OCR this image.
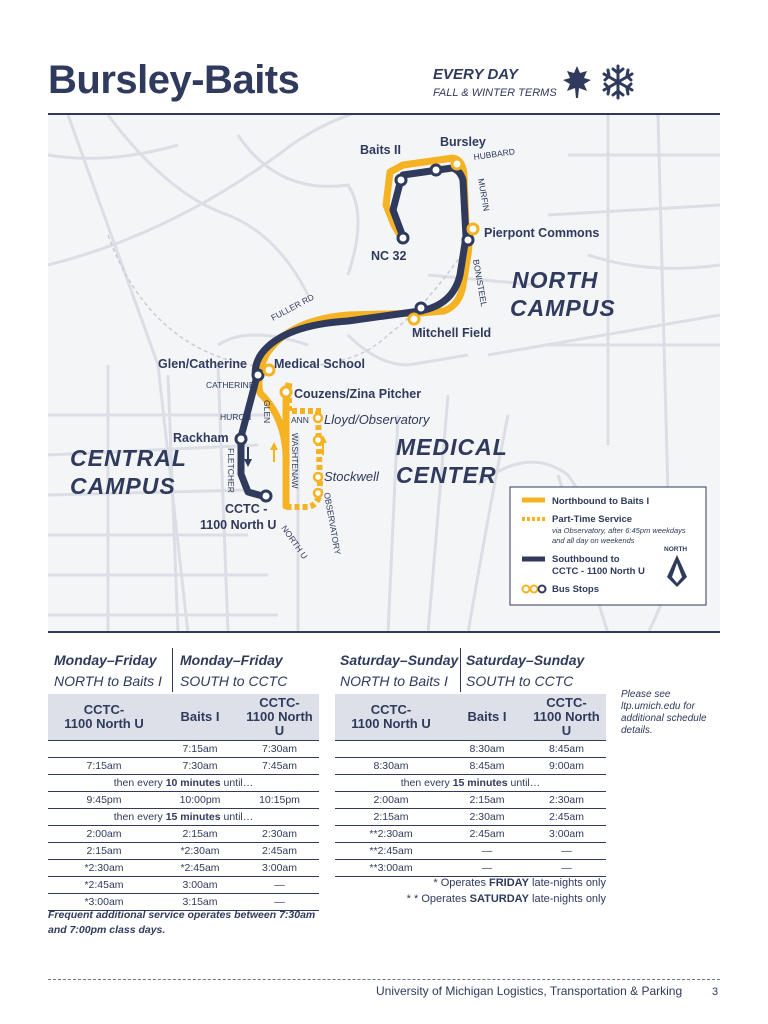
Bursley-Baits	EVERY DAY
FALL & WINTER TERMS
Baits II
Bursley
NC 32
Pierpont Commons
Mitchell Field
Glen/Catherine Medical School
Couzens/Zina Pitcher
Rackham
CCTC -
1100 North U
Lloyd/Observatory
Stockwell
HUBBARD
MURFIN
BONISTEEL
FULLER RD
CATHERINE
HURON GLEN ANN
WASHTENAW
OBSERVATORY
FLETCHER
NORTH U
NORTH
CAMPUS
MEDICAL
CENTER
CENTRAL
CAMPUS
Northbound to Baits I
Part-Time Service
via Observatory, after 6:45pm weekdays
and all day on weekends
Southbound to
CCTC - 1100 North U
Bus Stops
NORTH
Monday–Friday
NORTH to Baits I
Monday–Friday
SOUTH to CCTC
CCTC-
1100 North U	Baits I	CCTC-
1100 North U
	7:15am	7:30am
7:15am	7:30am	7:45am
then every 10 minutes until…		
9:45pm	10:00pm	10:15pm
then every 15 minutes until…		
2:00am	2:15am	2:30am
2:15am	*2:30am	2:45am
*2:30am	*2:45am	3:00am
*2:45am	3:00am	—
*3:00am	3:15am	—
Saturday–Sunday
NORTH to Baits I
Saturday–Sunday
SOUTH to CCTC
CCTC-
1100 North U	Baits I	CCTC-
1100 North U
	8:30am	8:45am
8:30am	8:45am	9:00am
then every 15 minutes until…		
2:00am	2:15am	2:30am
2:15am	2:30am	2:45am
**2:30am	2:45am	3:00am
**2:45am	—	—
**3:00am	—	—
Please see ltp.umich.edu for additional schedule details.
* Operates FRIDAY late-nights only
* * Operates SATURDAY late-nights only
Frequent additional service operates between 7:30am and 7:00pm class days.
University of Michigan Logistics, Transportation & Parking	3
